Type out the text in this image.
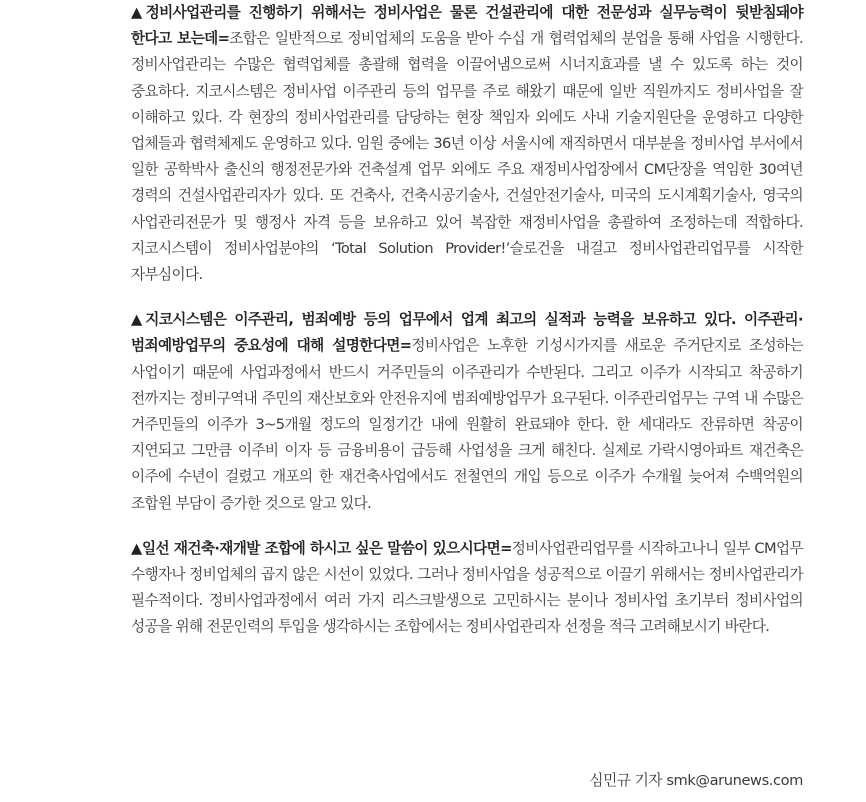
▲정비사업관리를 진행하기 위해서는 정비사업은 물론 건설관리에 대한 전문성과 실무능력이 뒷받침돼야 한다고 보는데=조합은 일반적으로 정비업체의 도움을 받아 수십 개 협력업체의 분업을 통해 사업을 시행한다. 정비사업관리는 수많은 협력업체를 총괄해 협력을 이끌어냄으로써 시너지효과를 낼 수 있도록 하는 것이 중요하다. 지코시스템은 정비사업 이주관리 등의 업무를 주로 해왔기 때문에 일반 직원까지도 정비사업을 잘 이해하고 있다. 각 현장의 정비사업관리를 담당하는 현장 책임자 외에도 사내 기술지원단을 운영하고 다양한 업체들과 협력체제도 운영하고 있다. 임원 중에는 36년 이상 서울시에 재직하면서 대부분을 정비사업 부서에서 일한 공학박사 출신의 행정전문가와 건축설계 업무 외에도 주요 재정비사업장에서 CM단장을 역임한 30여년 경력의 건설사업관리자가 있다. 또 건축사, 건축시공기술사, 건설안전기술사, 미국의 도시계획기술사, 영국의 사업관리전문가 및 행정사 자격 등을 보유하고 있어 복잡한 재정비사업을 총괄하여 조정하는데 적합하다. 지코시스템이 정비사업분야의 ‘Total Solution Provider!’슬로건을 내걸고 정비사업관리업무를 시작한 자부심이다.

▲지코시스템은 이주관리, 범죄예방 등의 업무에서 업계 최고의 실적과 능력을 보유하고 있다. 이주관리·범죄예방업무의 중요성에 대해 설명한다면=정비사업은 노후한 기성시가지를 새로운 주거단지로 조성하는 사업이기 때문에 사업과정에서 반드시 거주민들의 이주관리가 수반된다. 그리고 이주가 시작되고 착공하기 전까지는 정비구역내 주민의 재산보호와 안전유지에 범죄예방업무가 요구된다. 이주관리업무는 구역 내 수많은 거주민들의 이주가 3~5개월 정도의 일정기간 내에 원활히 완료돼야 한다. 한 세대라도 잔류하면 착공이 지연되고 그만큼 이주비 이자 등 금융비용이 급등해 사업성을 크게 해친다. 실제로 가락시영아파트 재건축은 이주에 수년이 걸렸고 개포의 한 재건축사업에서도 전철연의 개입 등으로 이주가 수개월 늦어져 수백억원의 조합원 부담이 증가한 것으로 알고 있다.

▲일선 재건축·재개발 조합에 하시고 싶은 말씀이 있으시다면=정비사업관리업무를 시작하고나니 일부 CM업무 수행자나 정비업체의 곱지 않은 시선이 있었다. 그러나 정비사업을 성공적으로 이끌기 위해서는 정비사업관리가 필수적이다. 정비사업과정에서 여러 가지 리스크발생으로 고민하시는 분이나 정비사업 초기부터 정비사업의 성공을 위해 전문인력의 투입을 생각하시는 조합에서는 정비사업관리자 선정을 적극 고려해보시기 바란다.

심민규 기자 smk@arunews.com
